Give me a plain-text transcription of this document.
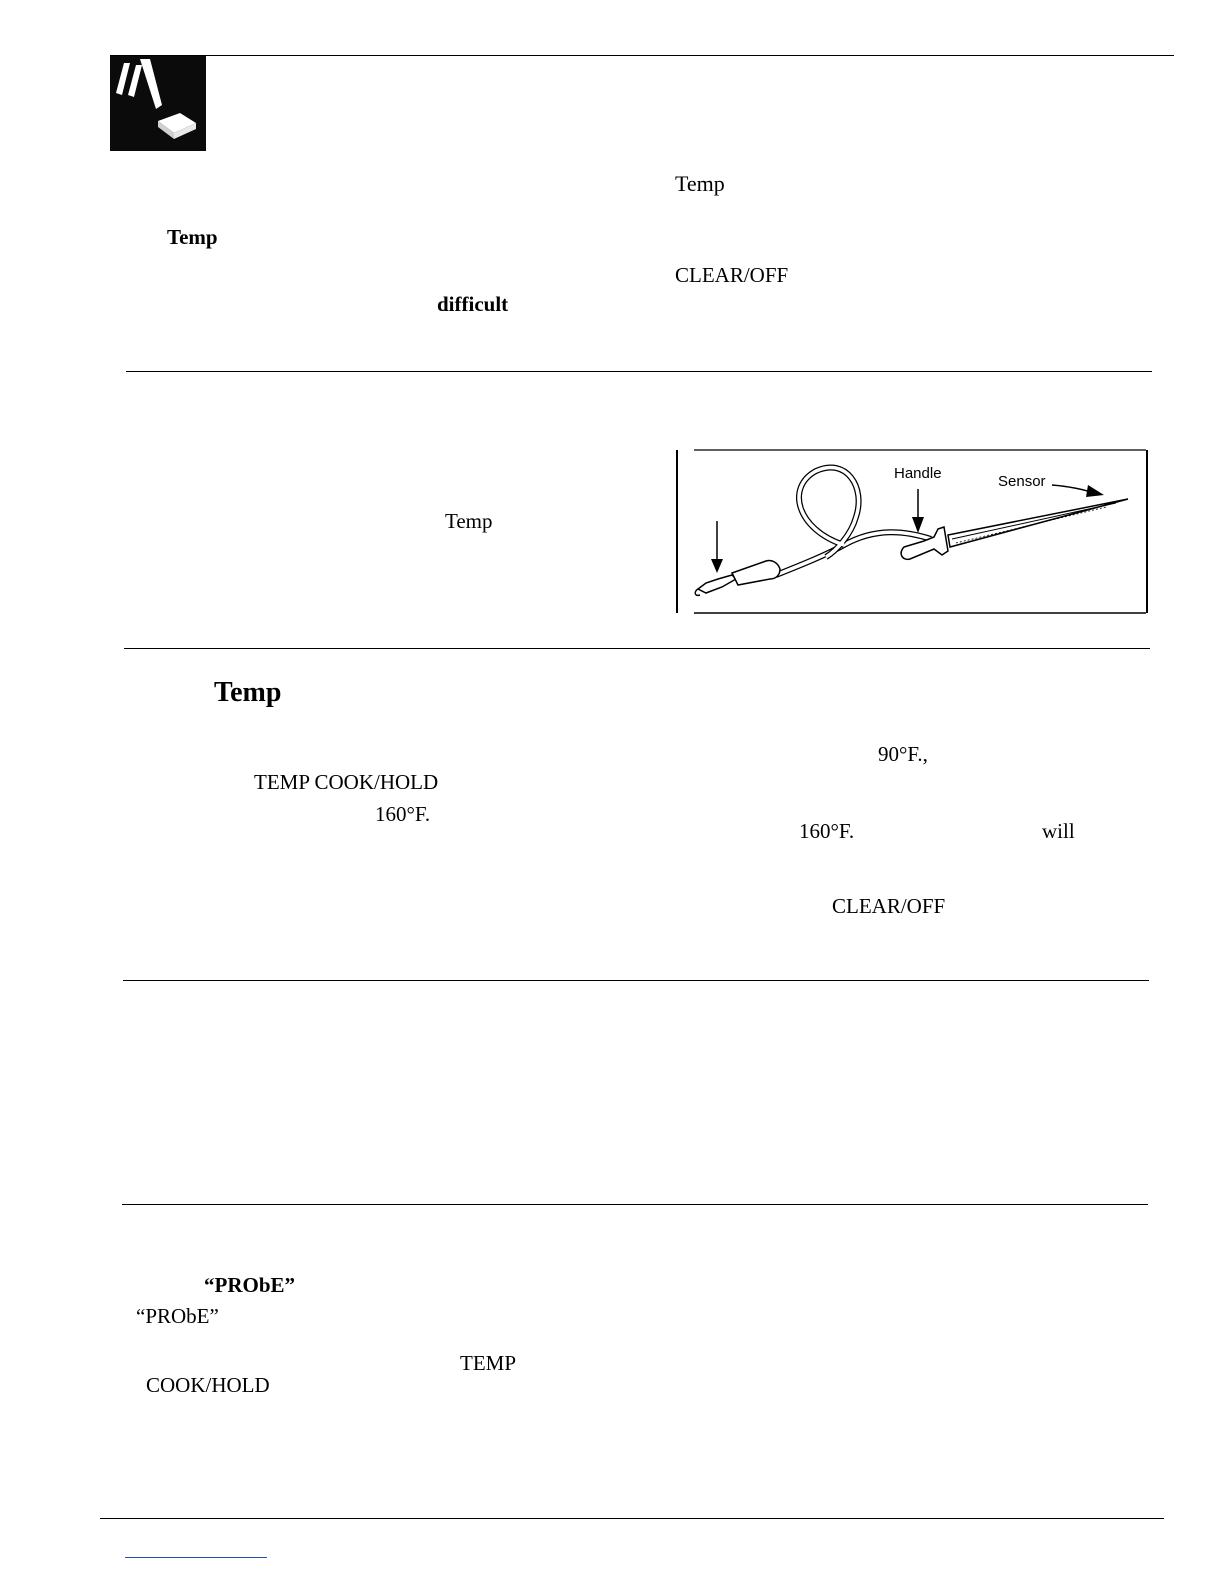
Temp
Temp
CLEAR/OFF
difficult
Temp
Handle	Sensor
Temp
TEMP COOK/HOLD
160°F.
90°F.,
160°F.	will
CLEAR/OFF
“PRObE”
“PRObE”
TEMP
COOK/HOLD
